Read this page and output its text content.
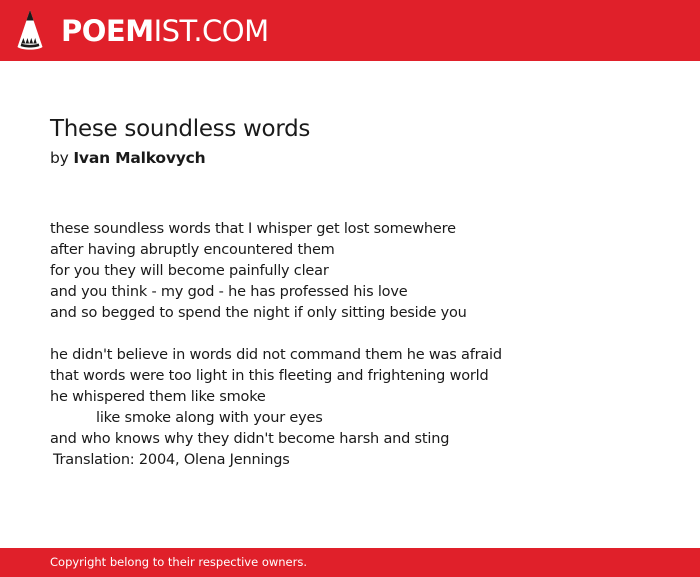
POEMIST.COM
These soundless words
by Ivan Malkovych
these soundless words that I whisper get lost somewhere
after having abruptly encountered them
for you they will become painfully clear
and you think - my god - he has professed his love
and so begged to spend the night if only sitting beside you
he didn't believe in words did not command them he was afraid
that words were too light in this fleeting and frightening world
he whispered them like smoke
like smoke along with your eyes
and who knows why they didn't become harsh and sting
Translation: 2004, Olena Jennings
Copyright belong to their respective owners.
